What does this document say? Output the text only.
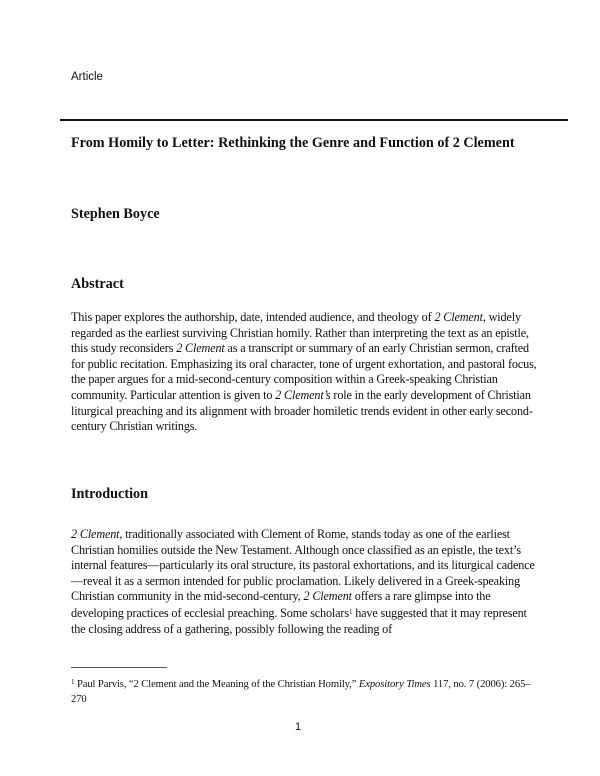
Article
From Homily to Letter: Rethinking the Genre and Function of 2 Clement
Stephen Boyce
Abstract
This paper explores the authorship, date, intended audience, and theology of 2 Clement, widely regarded as the earliest surviving Christian homily. Rather than interpreting the text as an epistle, this study reconsiders 2 Clement as a transcript or summary of an early Christian sermon, crafted for public recitation. Emphasizing its oral character, tone of urgent exhortation, and pastoral focus, the paper argues for a mid-second-century composition within a Greek-speaking Christian community. Particular attention is given to 2 Clement’s role in the early development of Christian liturgical preaching and its alignment with broader homiletic trends evident in other early second-century Christian writings.
Introduction
2 Clement, traditionally associated with Clement of Rome, stands today as one of the earliest Christian homilies outside the New Testament. Although once classified as an epistle, the text’s internal features—particularly its oral structure, its pastoral exhortations, and its liturgical cadence—reveal it as a sermon intended for public proclamation. Likely delivered in a Greek-speaking Christian community in the mid-second-century, 2 Clement offers a rare glimpse into the developing practices of ecclesial preaching. Some scholars$^1$ have suggested that it may represent the closing address of a gathering, possibly following the reading of
$^1$ Paul Parvis, “2 Clement and the Meaning of the Christian Homily,” Expository Times 117, no. 7 (2006): 265–270
1
